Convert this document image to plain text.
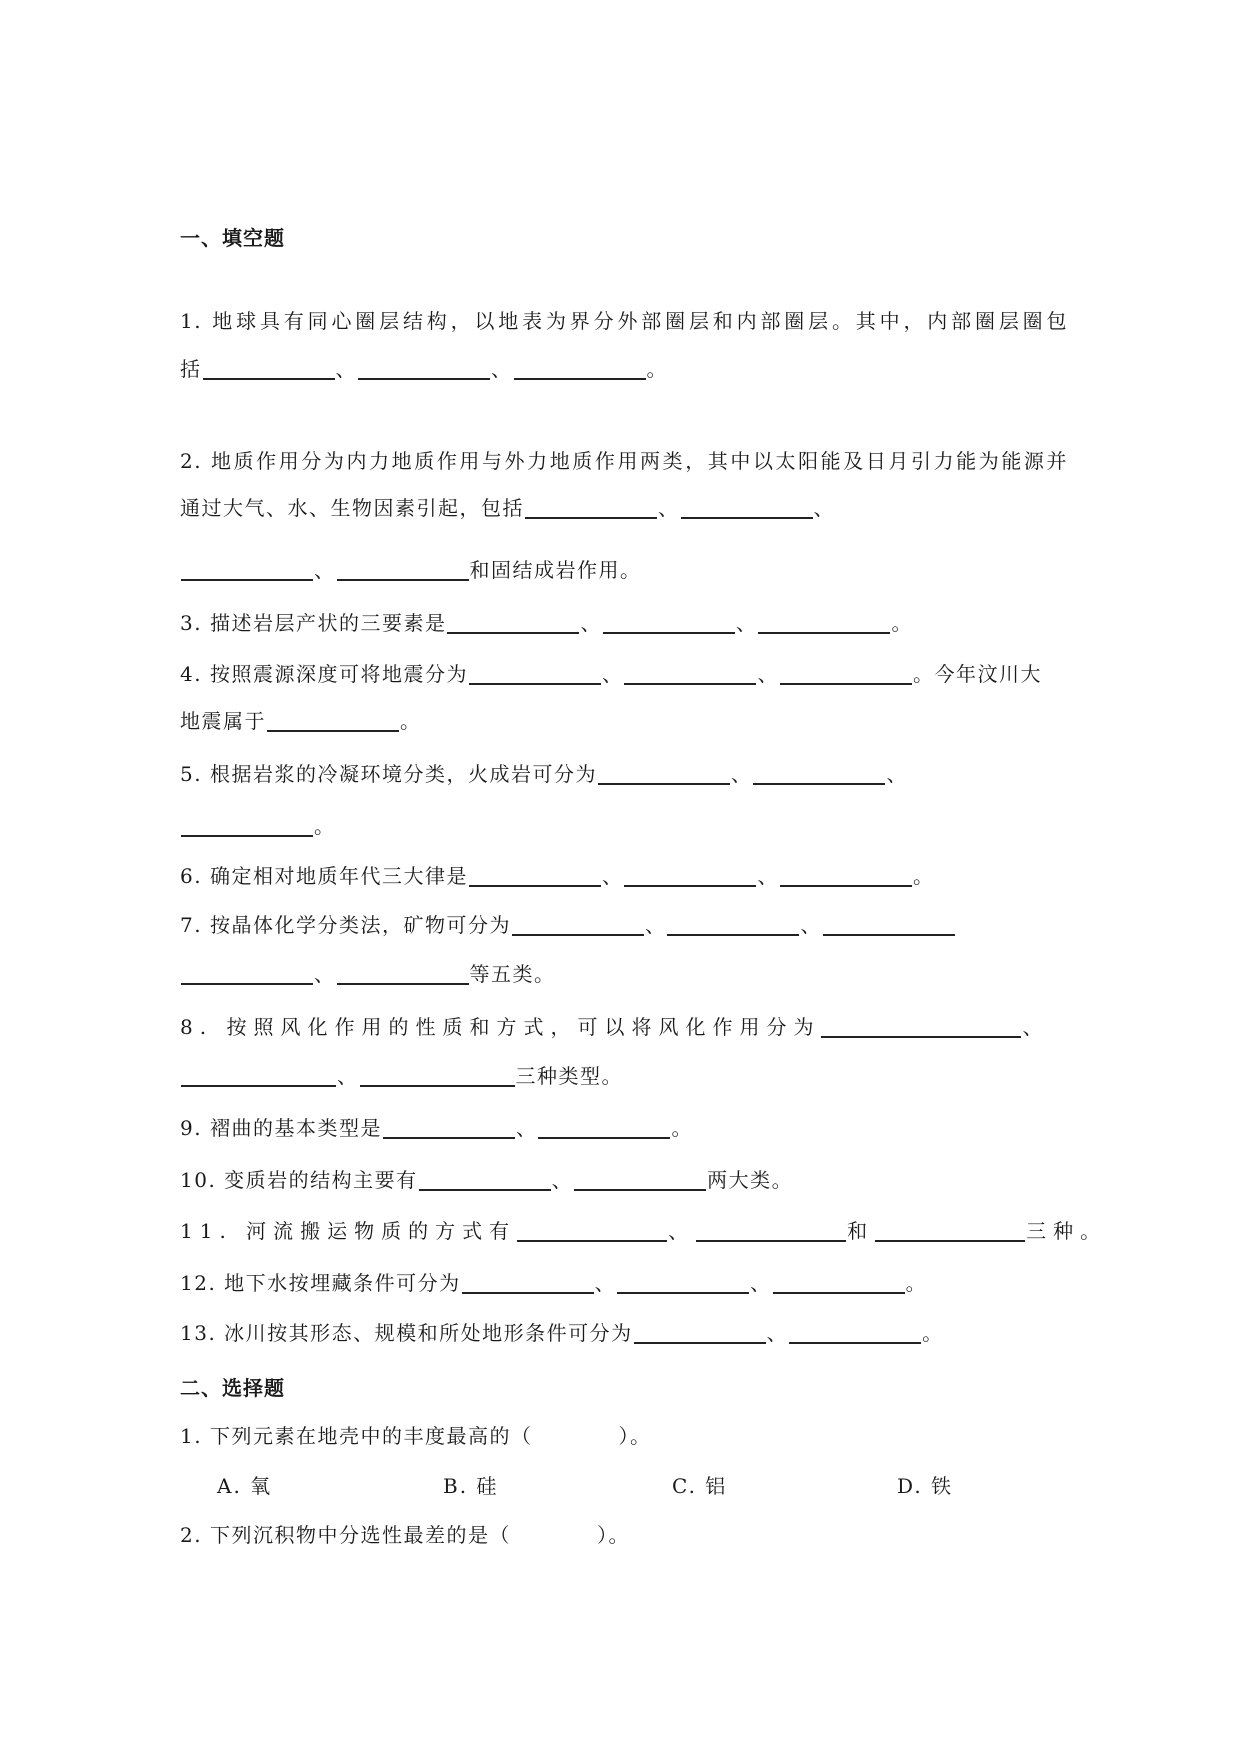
一、填空题
1. 地球具有同心圈层结构，以地表为界分外部圈层和内部圈层。其中，内部圈层圈包
括	、	、	。
2. 地质作用分为内力地质作用与外力地质作用两类，其中以太阳能及日月引力能为能源并
通过大气、水、生物因素引起，包括	、	、
、	和固结成岩作用。
3. 描述岩层产状的三要素是	、	、	。
4. 按照震源深度可将地震分为	、	、	。今年汶川大
地震属于	。
5. 根据岩浆的冷凝环境分类，火成岩可分为	、	、
。
6. 确定相对地质年代三大律是	、	、	。
7. 按晶体化学分类法，矿物可分为	、	、
、	等五类。
8. 按照风化作用的性质和方式，可以将风化作用分为	、
、	三种类型。
9. 褶曲的基本类型是	、	。
10. 变质岩的结构主要有	、	两大类。
11. 河流搬运物质的方式有	、	和	三种。
12. 地下水按埋藏条件可分为	、	、	。
13. 冰川按其形态、规模和所处地形条件可分为	、	。
二、选择题
1. 下列元素在地壳中的丰度最高的（　　　　）。
A. 氧	B. 硅	C. 铝	D. 铁
2. 下列沉积物中分选性最差的是（　　　　）。
